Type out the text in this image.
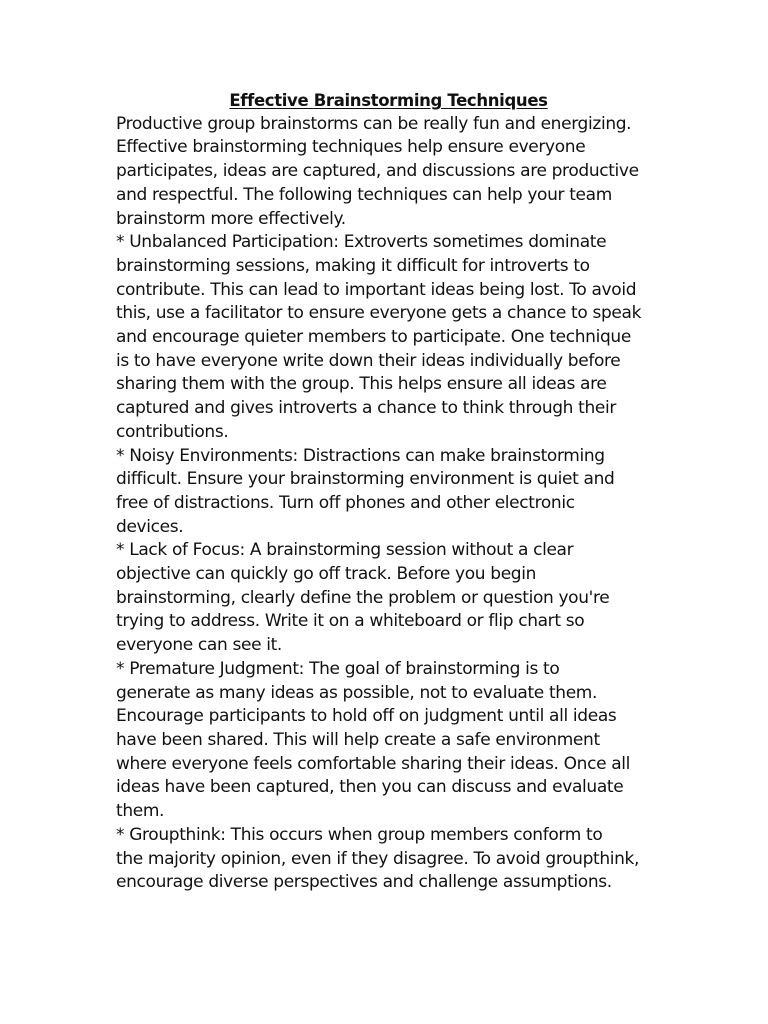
Effective Brainstorming Techniques

Productive group brainstorms can be really fun and energizing.
Effective brainstorming techniques help ensure everyone
participates, ideas are captured, and discussions are productive
and respectful. The following techniques can help your team
brainstorm more effectively.
* Unbalanced Participation: Extroverts sometimes dominate
brainstorming sessions, making it difficult for introverts to
contribute. This can lead to important ideas being lost. To avoid
this, use a facilitator to ensure everyone gets a chance to speak
and encourage quieter members to participate. One technique
is to have everyone write down their ideas individually before
sharing them with the group. This helps ensure all ideas are
captured and gives introverts a chance to think through their
contributions.
* Noisy Environments: Distractions can make brainstorming
difficult. Ensure your brainstorming environment is quiet and
free of distractions. Turn off phones and other electronic
devices.
* Lack of Focus: A brainstorming session without a clear
objective can quickly go off track. Before you begin
brainstorming, clearly define the problem or question you're
trying to address. Write it on a whiteboard or flip chart so
everyone can see it.
* Premature Judgment: The goal of brainstorming is to
generate as many ideas as possible, not to evaluate them.
Encourage participants to hold off on judgment until all ideas
have been shared. This will help create a safe environment
where everyone feels comfortable sharing their ideas. Once all
ideas have been captured, then you can discuss and evaluate
them.
* Groupthink: This occurs when group members conform to
the majority opinion, even if they disagree. To avoid groupthink,
encourage diverse perspectives and challenge assumptions.
